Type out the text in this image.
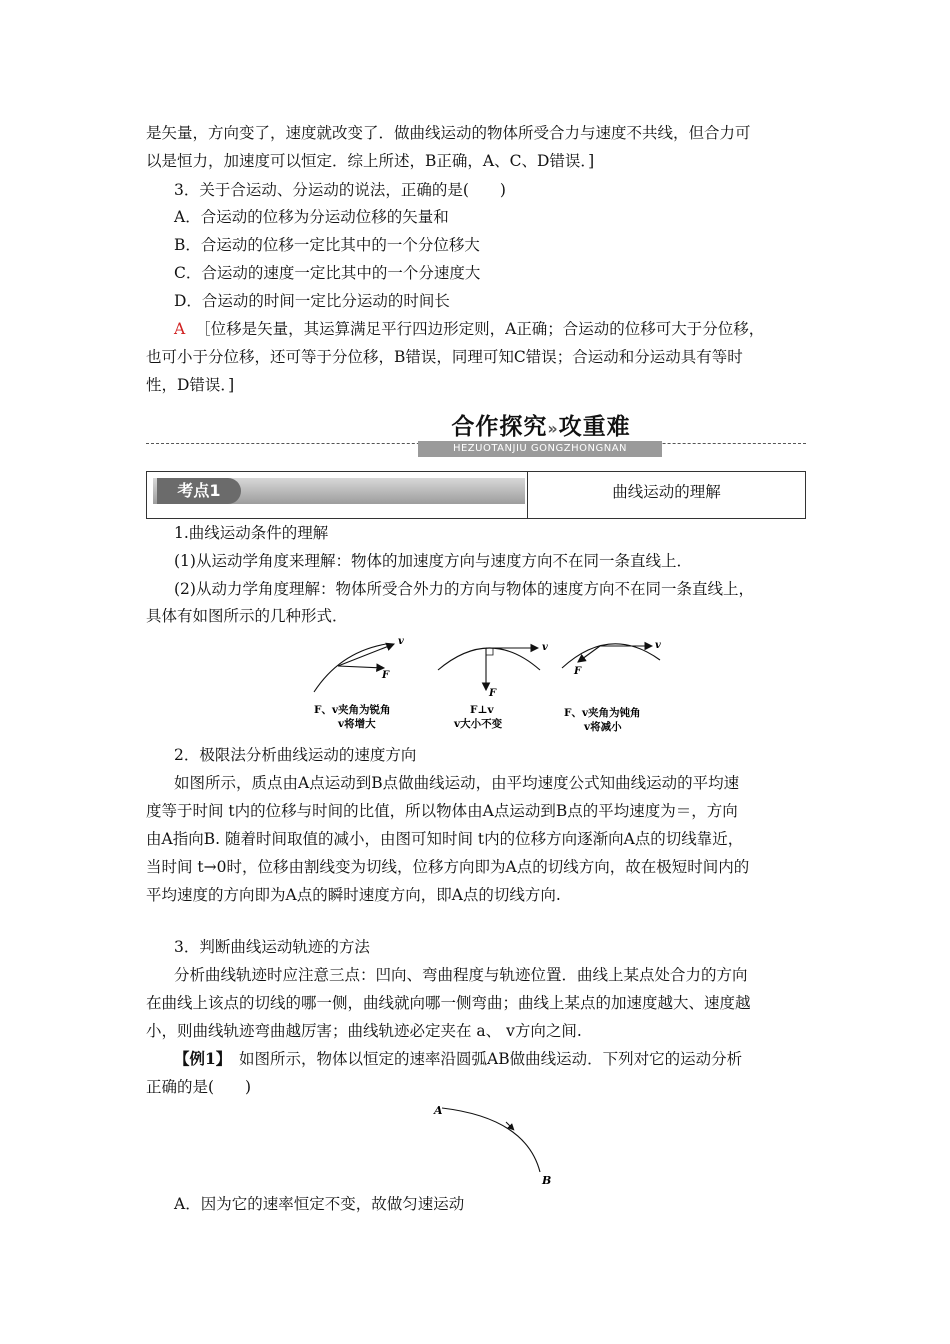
是矢量，方向变了，速度就改变了．做曲线运动的物体所受合力与速度不共线，但合力可
以是恒力，加速度可以恒定．综上所述，B正确，A、C、D错误．]
3．关于合运动、分运动的说法，正确的是(　　)
A．合运动的位移为分运动位移的矢量和
B．合运动的位移一定比其中的一个分位移大
C．合运动的速度一定比其中的一个分速度大
D．合运动的时间一定比分运动的时间长
A ［位移是矢量，其运算满足平行四边形定则，A正确；合运动的位移可大于分位移，
也可小于分位移，还可等于分位移，B错误，同理可知C错误；合运动和分运动具有等时
性，D错误．]
合作探究»攻重难
HEZUOTANJIU GONGZHONGNAN
考点1	曲线运动的理解
1.曲线运动条件的理解
(1)从运动学角度来理解：物体的加速度方向与速度方向不在同一条直线上．
(2)从动力学角度理解：物体所受合外力的方向与物体的速度方向不在同一条直线上，
具体有如图所示的几种形式．
v
F
F、v夹角为锐角
v将增大
v
F
F⊥v
v大小不变
v
F
F、v夹角为钝角
v将减小
2．极限法分析曲线运动的速度方向
如图所示，质点由A点运动到B点做曲线运动，由平均速度公式知曲线运动的平均速
度等于时间 t内的位移与时间的比值，所以物体由A点运动到B点的平均速度为＝，方向
由A指向B. 随着时间取值的减小，由图可知时间 t内的位移方向逐渐向A点的切线靠近，
当时间 t→0时，位移由割线变为切线，位移方向即为A点的切线方向，故在极短时间内的
平均速度的方向即为A点的瞬时速度方向，即A点的切线方向.
3．判断曲线运动轨迹的方法
分析曲线轨迹时应注意三点：凹向、弯曲程度与轨迹位置．曲线上某点处合力的方向
在曲线上该点的切线的哪一侧，曲线就向哪一侧弯曲；曲线上某点的加速度越大、速度越
小，则曲线轨迹弯曲越厉害；曲线轨迹必定夹在 a、 v方向之间.
【例1】　如图所示，物体以恒定的速率沿圆弧AB做曲线运动．下列对它的运动分析
正确的是(　　)
A
B
A．因为它的速率恒定不变，故做匀速运动
